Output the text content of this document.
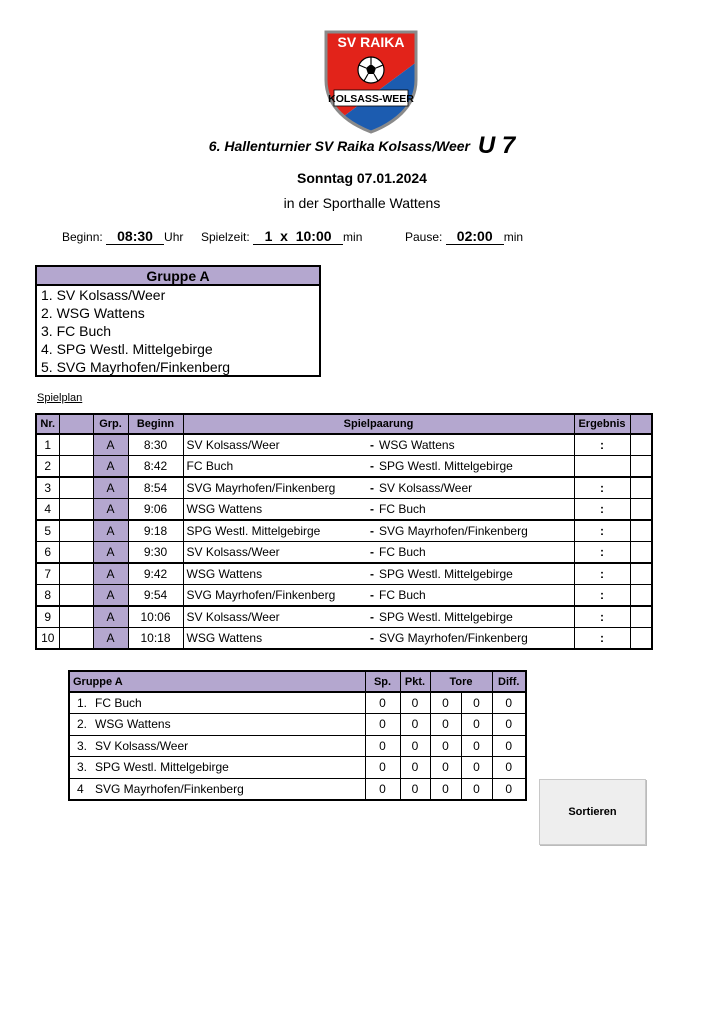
SV RAIKA
KOLSASS-WEER
6. Hallenturnier SV Raika Kolsass/Weer U 7
Sonntag 07.01.2024
in der Sporthalle Wattens
Beginn: 08:30 Uhr Spielzeit: 1  x  10:00 min	Pause: 02:00 min
Gruppe A
1. SV Kolsass/Weer
2. WSG Wattens
3. FC Buch
4. SPG Westl. Mittelgebirge
5. SVG Mayrhofen/Finkenberg
Spielplan
Nr.		Grp.	Beginn	Spielpaarung			Ergebnis	
1		A	8:30	SV Kolsass/Weer	-	WSG Wattens	:	
2		A	8:42	FC Buch	-	SPG Westl. Mittelgebirge		
3		A	8:54	SVG Mayrhofen/Finkenberg	-	SV Kolsass/Weer	:	
4		A	9:06	WSG Wattens	-	FC Buch	:	
5		A	9:18	SPG Westl. Mittelgebirge	-	SVG Mayrhofen/Finkenberg	:	
6		A	9:30	SV Kolsass/Weer	-	FC Buch	:	
7		A	9:42	WSG Wattens	-	SPG Westl. Mittelgebirge	:	
8		A	9:54	SVG Mayrhofen/Finkenberg	-	FC Buch	:	
9		A	10:06	SV Kolsass/Weer	-	SPG Westl. Mittelgebirge	:	
10		A	10:18	WSG Wattens	-	SVG Mayrhofen/Finkenberg	:	
Gruppe A	Sp.	Pkt.	Tore		Diff.
1. FC Buch	0	0	0	0	0
2. WSG Wattens	0	0	0	0	0
3. SV Kolsass/Weer	0	0	0	0	0
3. SPG Westl. Mittelgebirge	0	0	0	0	0
4 SVG Mayrhofen/Finkenberg	0	0	0	0	0
Sortieren
